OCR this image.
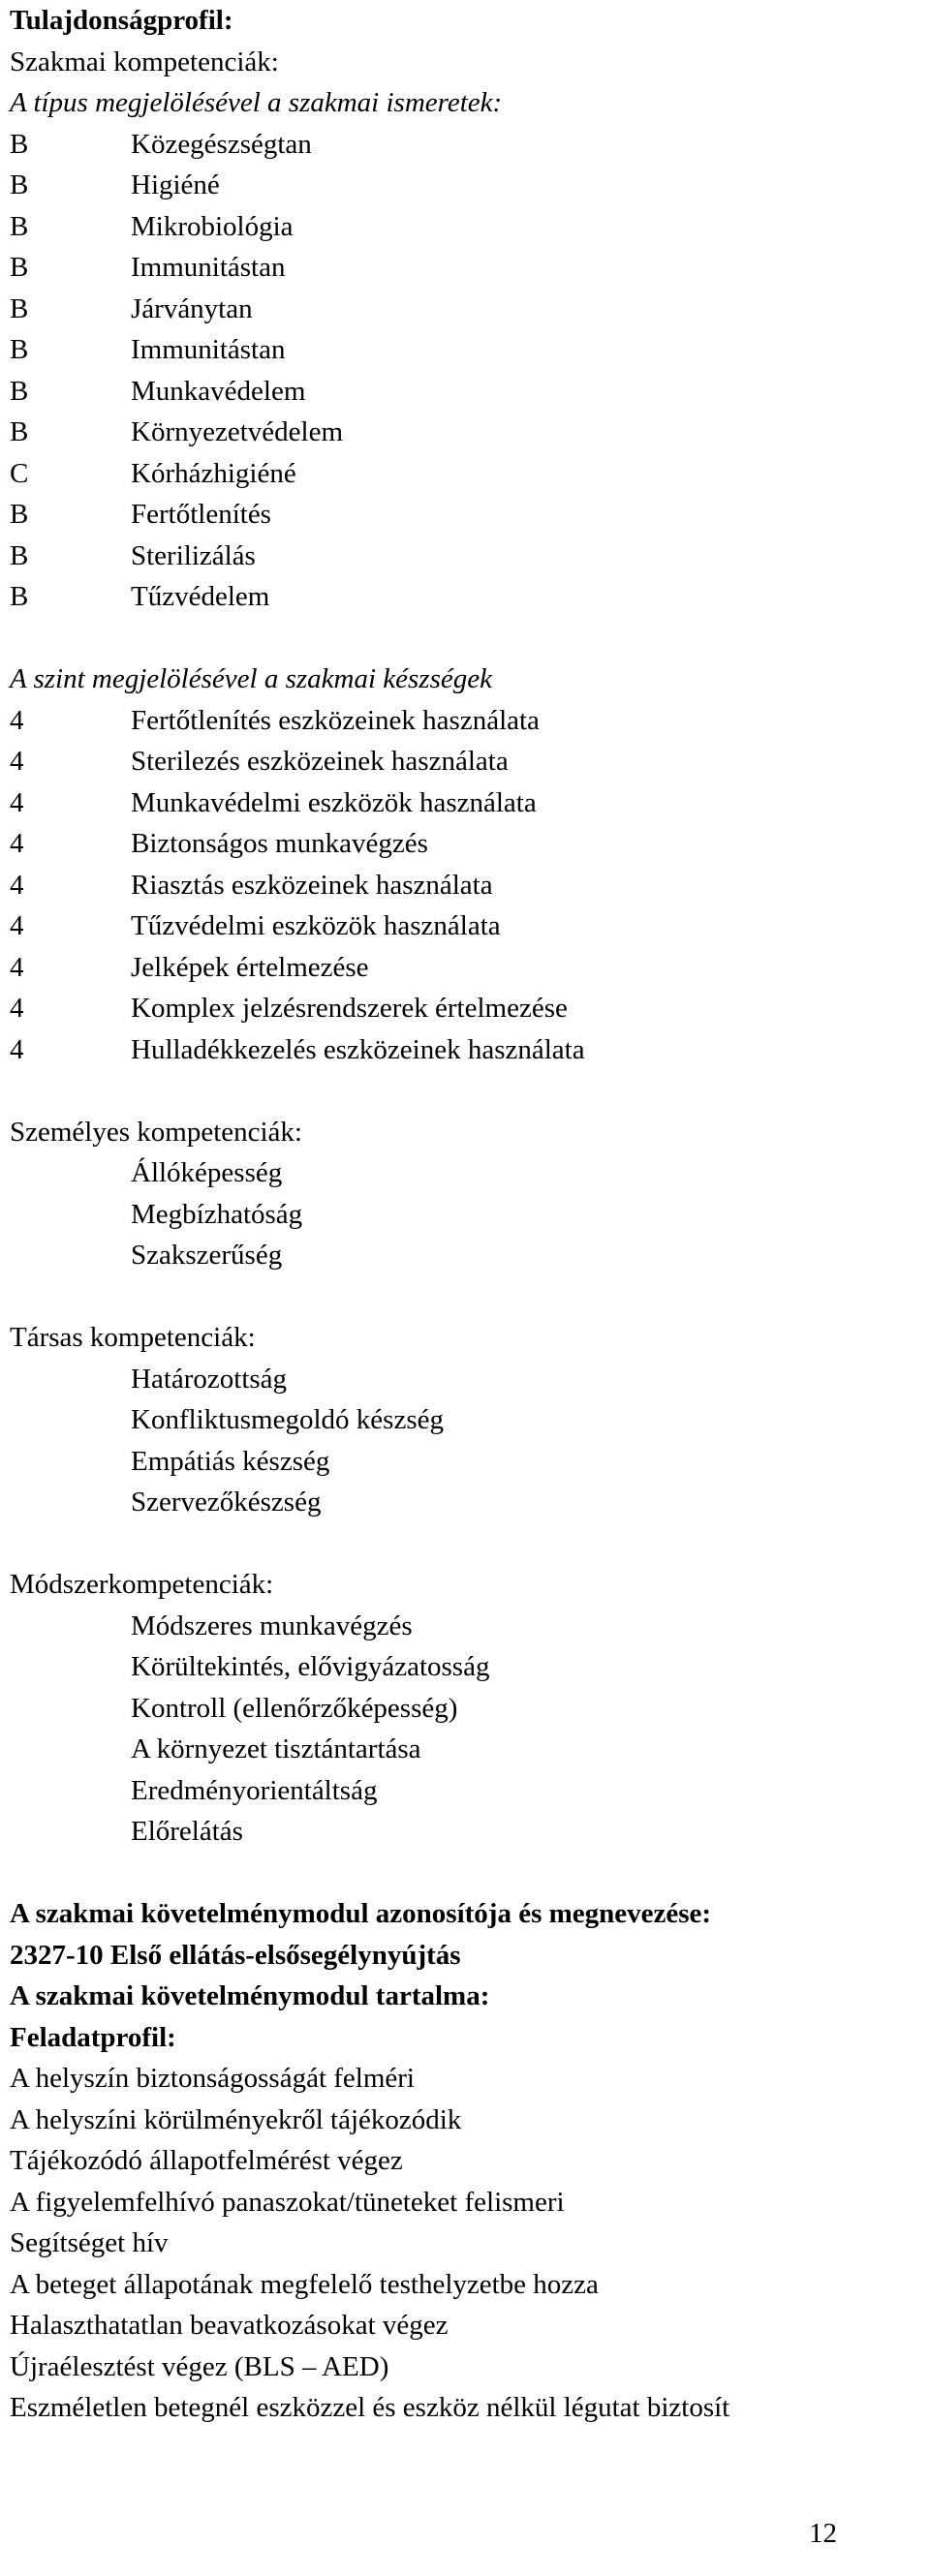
Tulajdonságprofil:
Szakmai kompetenciák:
A típus megjelölésével a szakmai ismeretek:
B	Közegészségtan
B	Higiéné
B	Mikrobiológia
B	Immunitástan
B	Járványtan
B	Immunitástan
B	Munkavédelem
B	Környezetvédelem
C	Kórházhigiéné
B	Fertőtlenítés
B	Sterilizálás
B	Tűzvédelem
A szint megjelölésével a szakmai készségek
4	Fertőtlenítés eszközeinek használata
4	Sterilezés eszközeinek használata
4	Munkavédelmi eszközök használata
4	Biztonságos munkavégzés
4	Riasztás eszközeinek használata
4	Tűzvédelmi eszközök használata
4	Jelképek értelmezése
4	Komplex jelzésrendszerek értelmezése
4	Hulladékkezelés eszközeinek használata
Személyes kompetenciák:
Állóképesség
Megbízhatóság
Szakszerűség
Társas kompetenciák:
Határozottság
Konfliktusmegoldó készség
Empátiás készség
Szervezőkészség
Módszerkompetenciák:
Módszeres munkavégzés
Körültekintés, elővigyázatosság
Kontroll (ellenőrzőképesség)
A környezet tisztántartása
Eredményorientáltság
Előrelátás
A szakmai követelménymodul azonosítója és megnevezése:
2327-10 Első ellátás-elsősegélynyújtás
A szakmai követelménymodul tartalma:
Feladatprofil:
A helyszín biztonságosságát felméri
A helyszíni körülményekről tájékozódik
Tájékozódó állapotfelmérést végez
A figyelemfelhívó panaszokat/tüneteket felismeri
Segítséget hív
A beteget állapotának megfelelő testhelyzetbe hozza
Halaszthatatlan beavatkozásokat végez
Újraélesztést végez (BLS – AED)
Eszméletlen betegnél eszközzel és eszköz nélkül légutat biztosít
12
